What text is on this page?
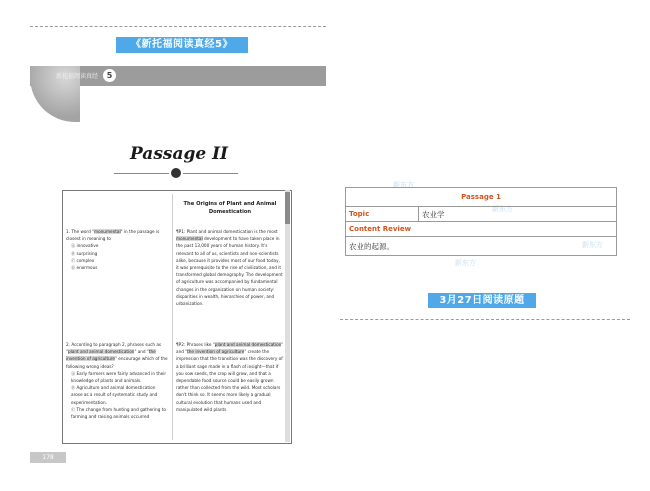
《新托福阅读真经5》
新托福阅读真经	5
Passage II
The Origins of Plant and Animal Domestication

1. The word "monumental" in the passage is closest in meaning to

Ⓐ innovative

Ⓑ surprising

Ⓒ complex

Ⓓ enormous

¶P1: Plant and animal domestication is the most monumental development to have taken place in the past 13,000 years of human history. It's relevant to all of us, scientists and non-scientists alike, because it provides most of our food today, it was prerequisite to the rise of civilization, and it transformed global demography. The development of agriculture was accompanied by fundamental changes in the organization on human society: disparities in wealth, hierarchies of power, and urbanization.

2. According to paragraph 2, phrases such as "plant and animal domestication" and "the invention of agriculture" encourage which of the following wrong ideas?

Ⓐ Early farmers were fairly advanced in their knowledge of plants and animals.

Ⓑ Agriculture and animal domestication arose as a result of systematic study and experimentation.

Ⓒ The change from hunting and gathering to farming and raising animals occurred

¶P2: Phrases like "plant and animal domestication" and "the invention of agriculture" create the impression that the transition was the discovery of a brilliant sage made in a flash of insight—that if you sow seeds, the crop will grow, and that a dependable food source could be easily grown rather than collected from the wild. Most scholars don't think so. It seems more likely a gradual cultural evolution that humans used and manipulated wild plants

178
新东方
新东方
新东方
新东方
Passage 1
Topic	农业学
Content Review
农业的起源。
3月27日阅读原题
